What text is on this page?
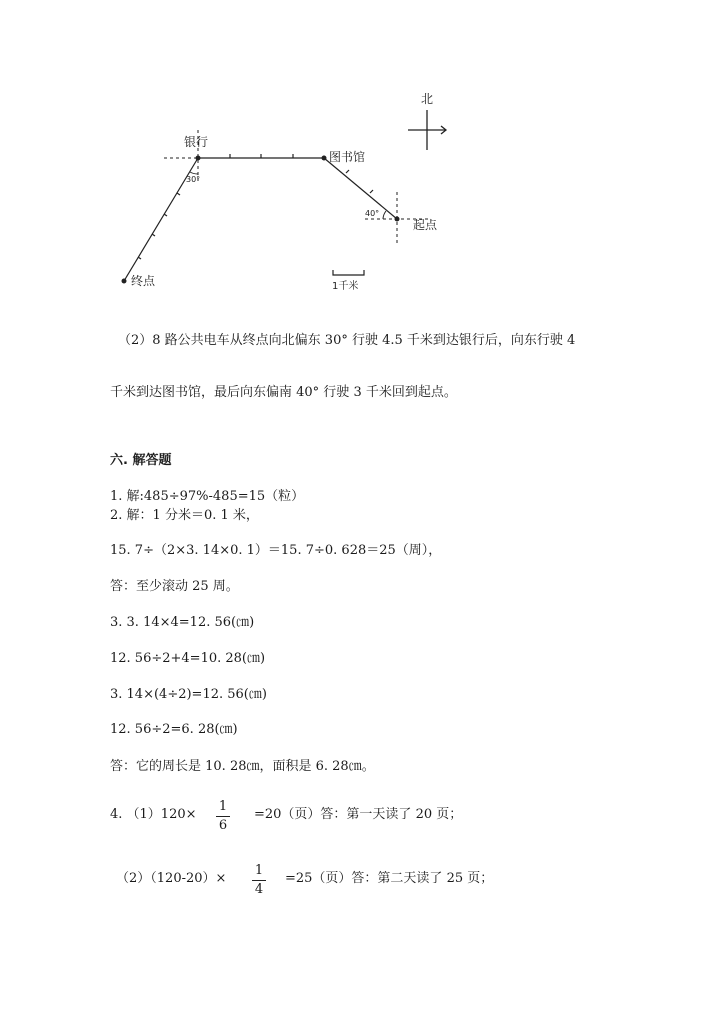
北
银行
图书馆
起点
终点
30°
40°
1千米
（2）8 路公共电车从终点向北偏东 30° 行驶 4.5 千米到达银行后，向东行驶 4
千米到达图书馆，最后向东偏南 40° 行驶 3 千米回到起点。
六. 解答题
1. 解:485÷97%-485=15（粒）
2. 解：1 分米＝0. 1 米，
15. 7÷（2×3. 14×0. 1）＝15. 7÷0. 628＝25（周），
答：至少滚动 25 周。
3. 3. 14×4=12. 56(㎝)
12. 56÷2+4=10. 28(㎝)
3. 14×(4÷2)=12. 56(㎝)
12. 56÷2=6. 28(㎝)
答：它的周长是 10. 28㎝，面积是 6. 28㎝。
4. （1）120×
1
6
=20（页）答：第一天读了 20 页；
（2）（120-20）×
1
4
=25（页）答：第二天读了 25 页；
